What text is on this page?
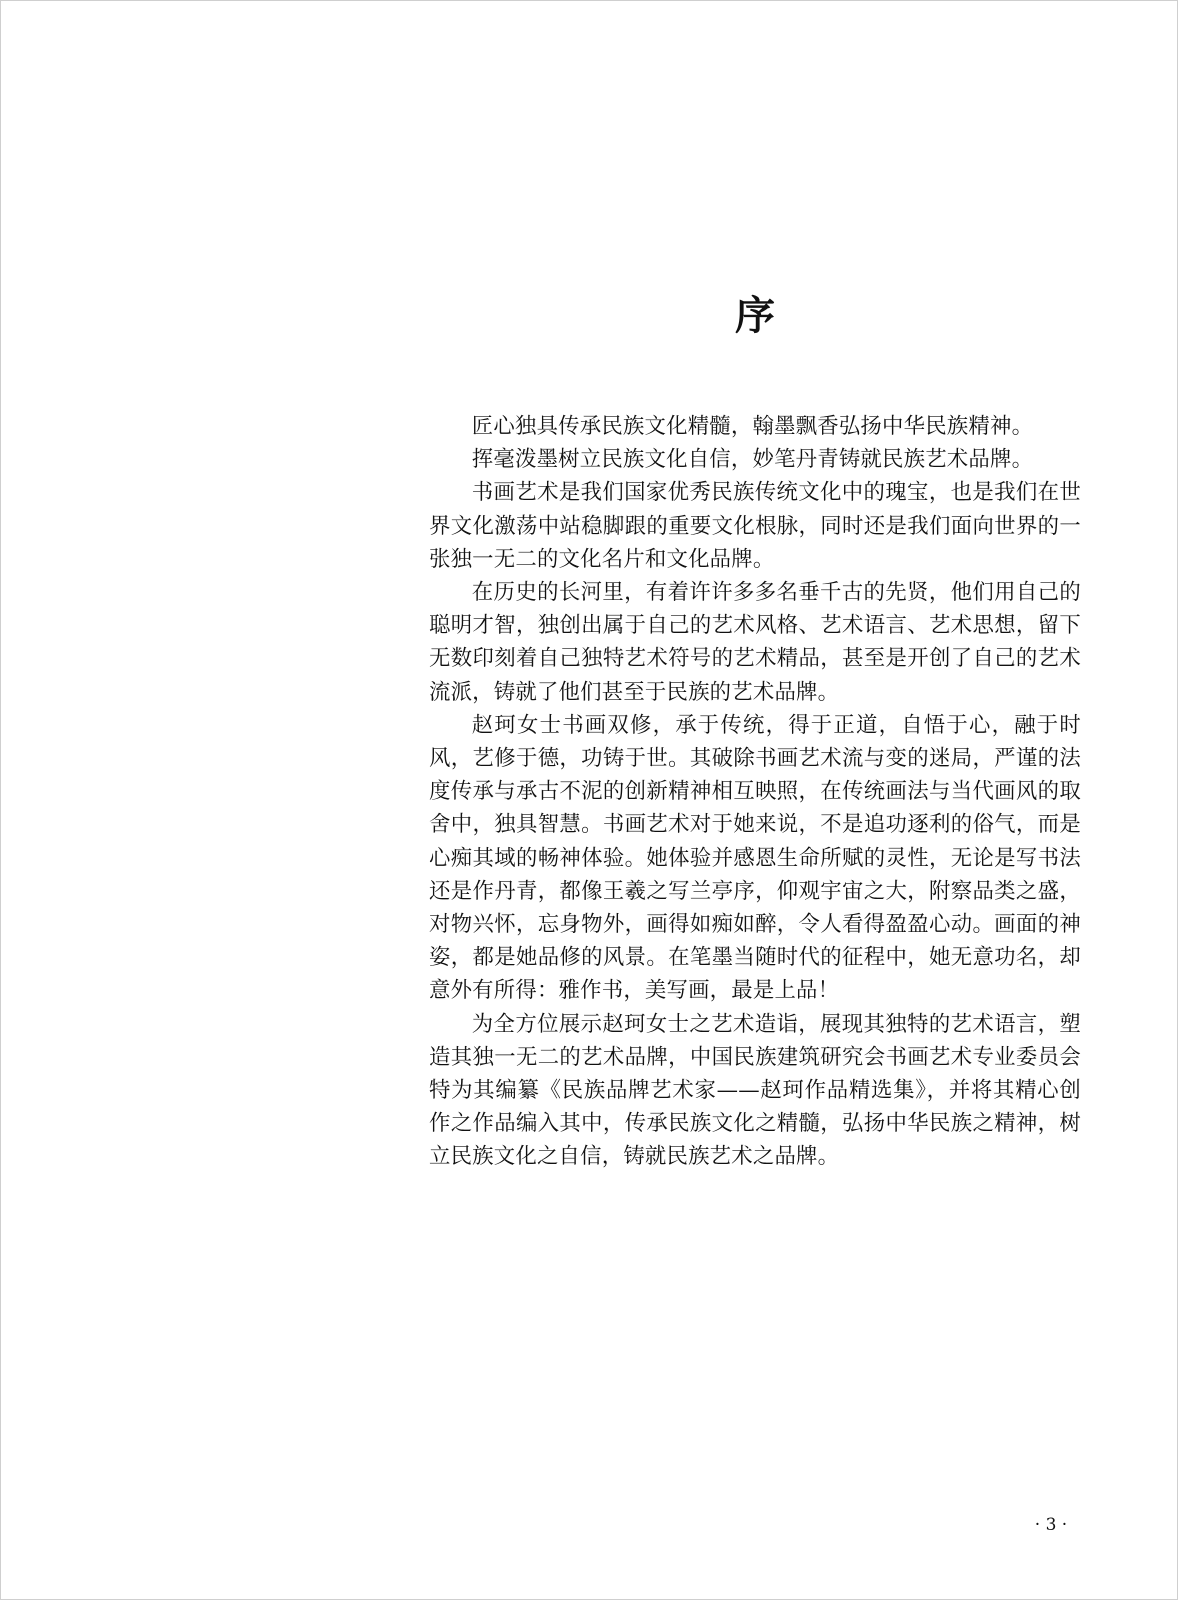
序

匠心独具传承民族文化精髓，翰墨飘香弘扬中华民族精神。

挥毫泼墨树立民族文化自信，妙笔丹青铸就民族艺术品牌。

书画艺术是我们国家优秀民族传统文化中的瑰宝，也是我们在世界文化激荡中站稳脚跟的重要文化根脉，同时还是我们面向世界的一张独一无二的文化名片和文化品牌。

在历史的长河里，有着许许多多名垂千古的先贤，他们用自己的聪明才智，独创出属于自己的艺术风格、艺术语言、艺术思想，留下无数印刻着自己独特艺术符号的艺术精品，甚至是开创了自己的艺术流派，铸就了他们甚至于民族的艺术品牌。

赵珂女士书画双修，承于传统，得于正道，自悟于心，融于时风，艺修于德，功铸于世。其破除书画艺术流与变的迷局，严谨的法度传承与承古不泥的创新精神相互映照，在传统画法与当代画风的取舍中，独具智慧。书画艺术对于她来说，不是追功逐利的俗气，而是心痴其域的畅神体验。她体验并感恩生命所赋的灵性，无论是写书法还是作丹青，都像王羲之写兰亭序，仰观宇宙之大，附察品类之盛，对物兴怀，忘身物外，画得如痴如醉，令人看得盈盈心动。画面的神姿，都是她品修的风景。在笔墨当随时代的征程中，她无意功名，却意外有所得：雅作书，美写画，最是上品！

为全方位展示赵珂女士之艺术造诣，展现其独特的艺术语言，塑造其独一无二的艺术品牌，中国民族建筑研究会书画艺术专业委员会特为其编纂《民族品牌艺术家——赵珂作品精选集》，并将其精心创作之作品编入其中，传承民族文化之精髓，弘扬中华民族之精神，树立民族文化之自信，铸就民族艺术之品牌。

· 3 ·
